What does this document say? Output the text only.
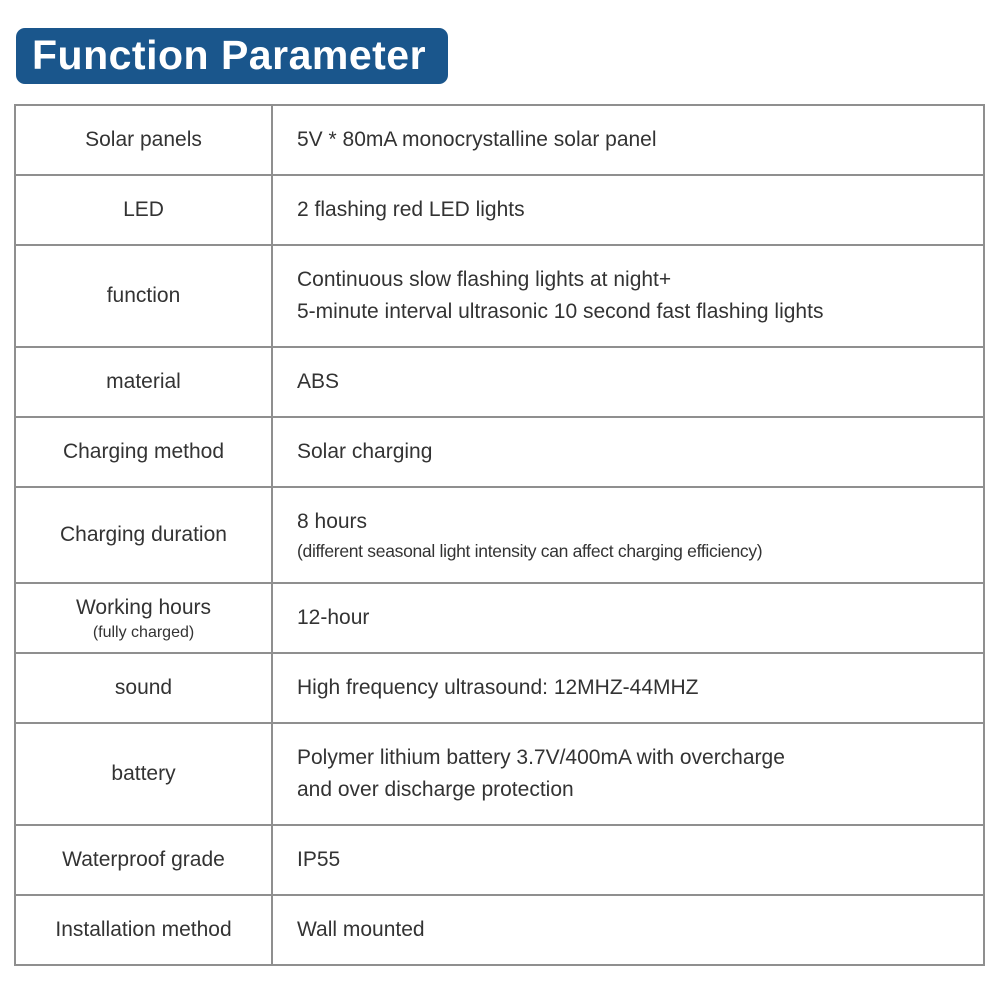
Function Parameter
Solar panels	5V * 80mA monocrystalline solar panel

LED	2 flashing red LED lights

function	Continuous slow flashing lights at night+
5-minute interval ultrasonic 10 second fast flashing lights

material	ABS

Charging method	Solar charging

Charging duration	8 hours
(different seasonal light intensity can affect charging efficiency)

Working hours
(fully charged)	12-hour

sound	High frequency ultrasound: 12MHZ-44MHZ

battery	Polymer lithium battery 3.7V/400mA with overcharge
and over discharge protection

Waterproof grade	IP55

Installation method	Wall mounted
